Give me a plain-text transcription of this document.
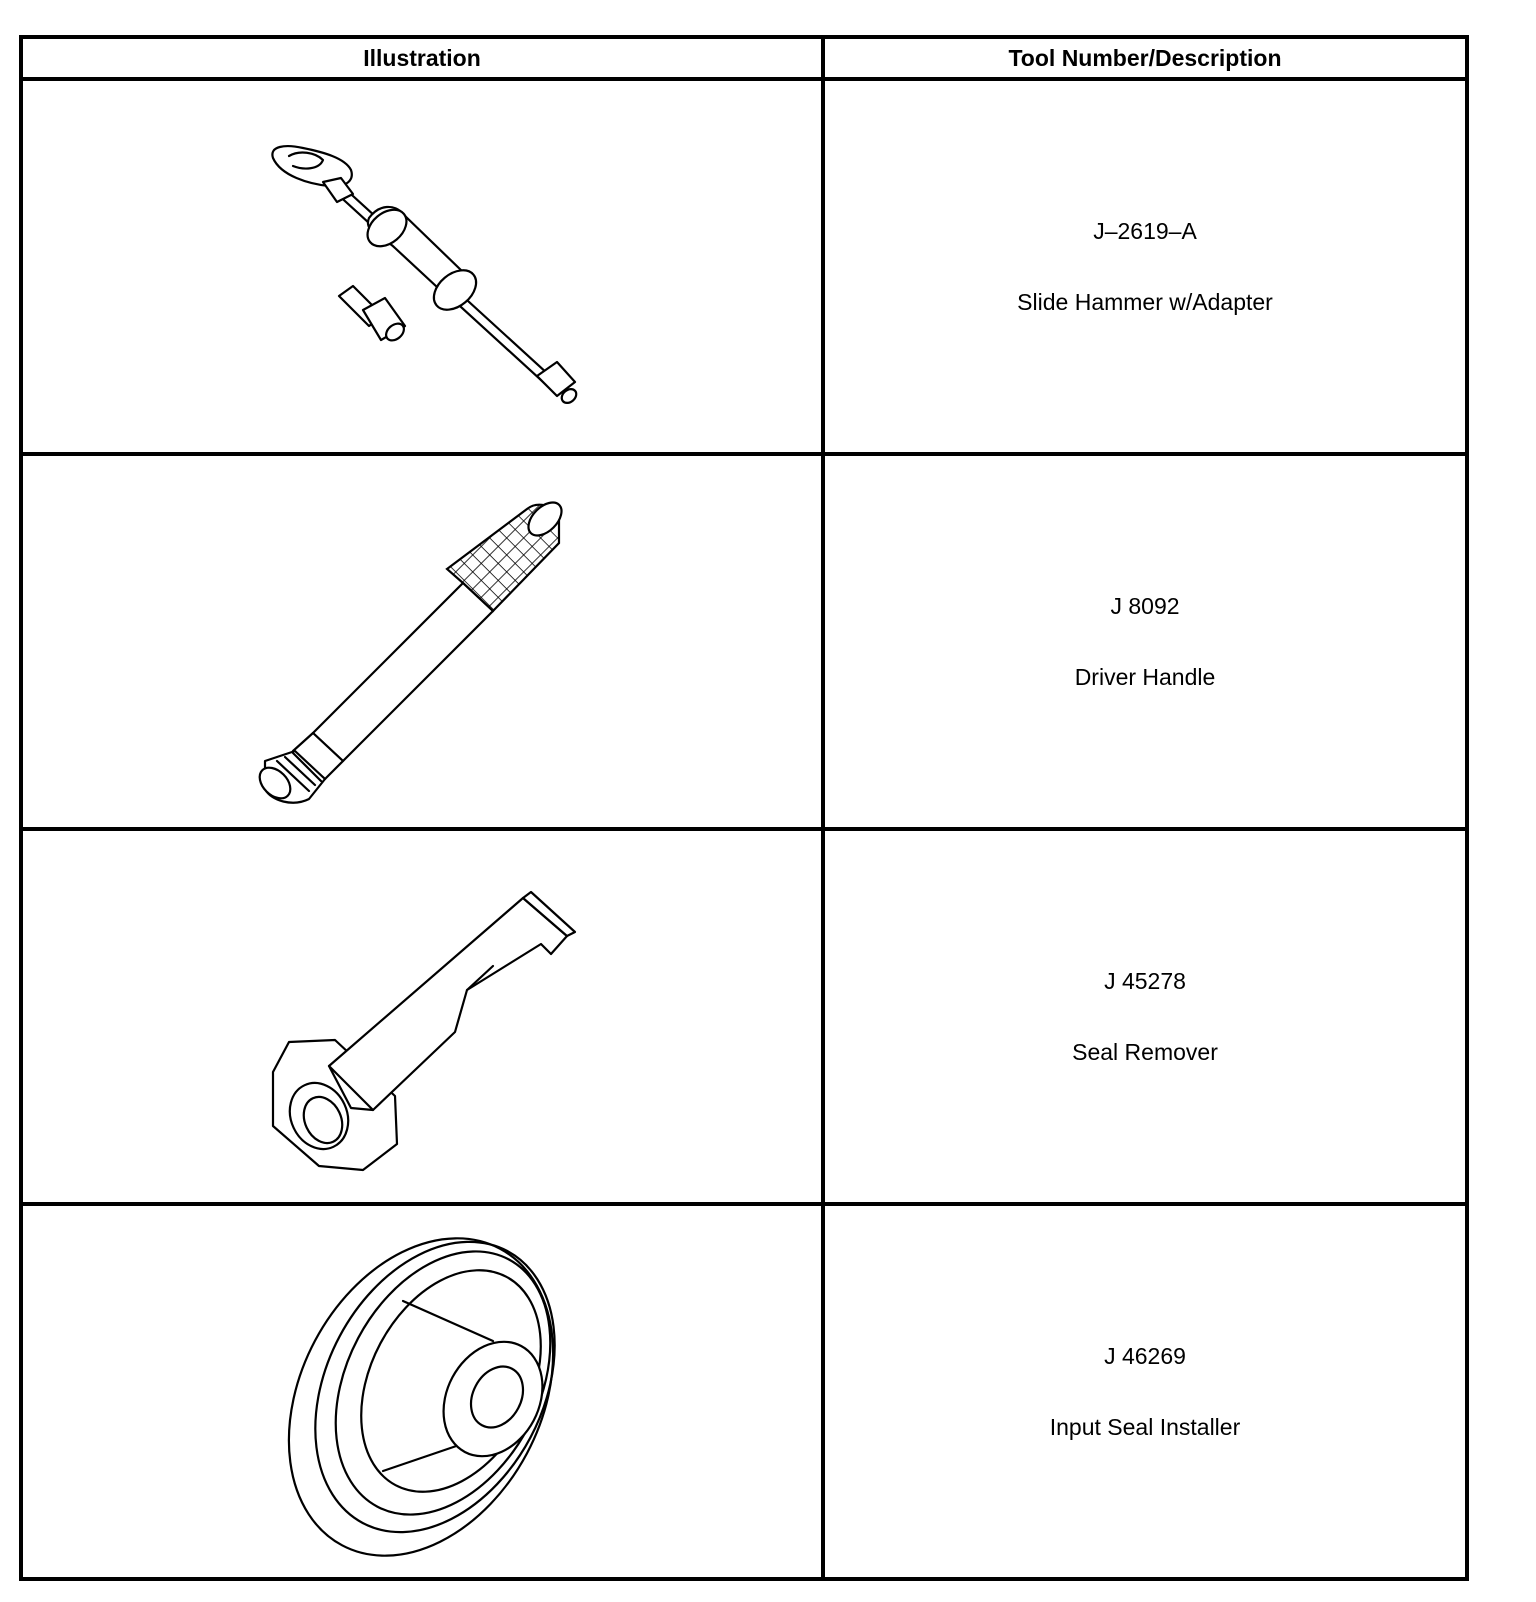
Illustration	Tool Number/Description

J–2619–A
Slide Hammer w/Adapter

J 8092
Driver Handle

J 45278
Seal Remover

J 46269
Input Seal Installer
